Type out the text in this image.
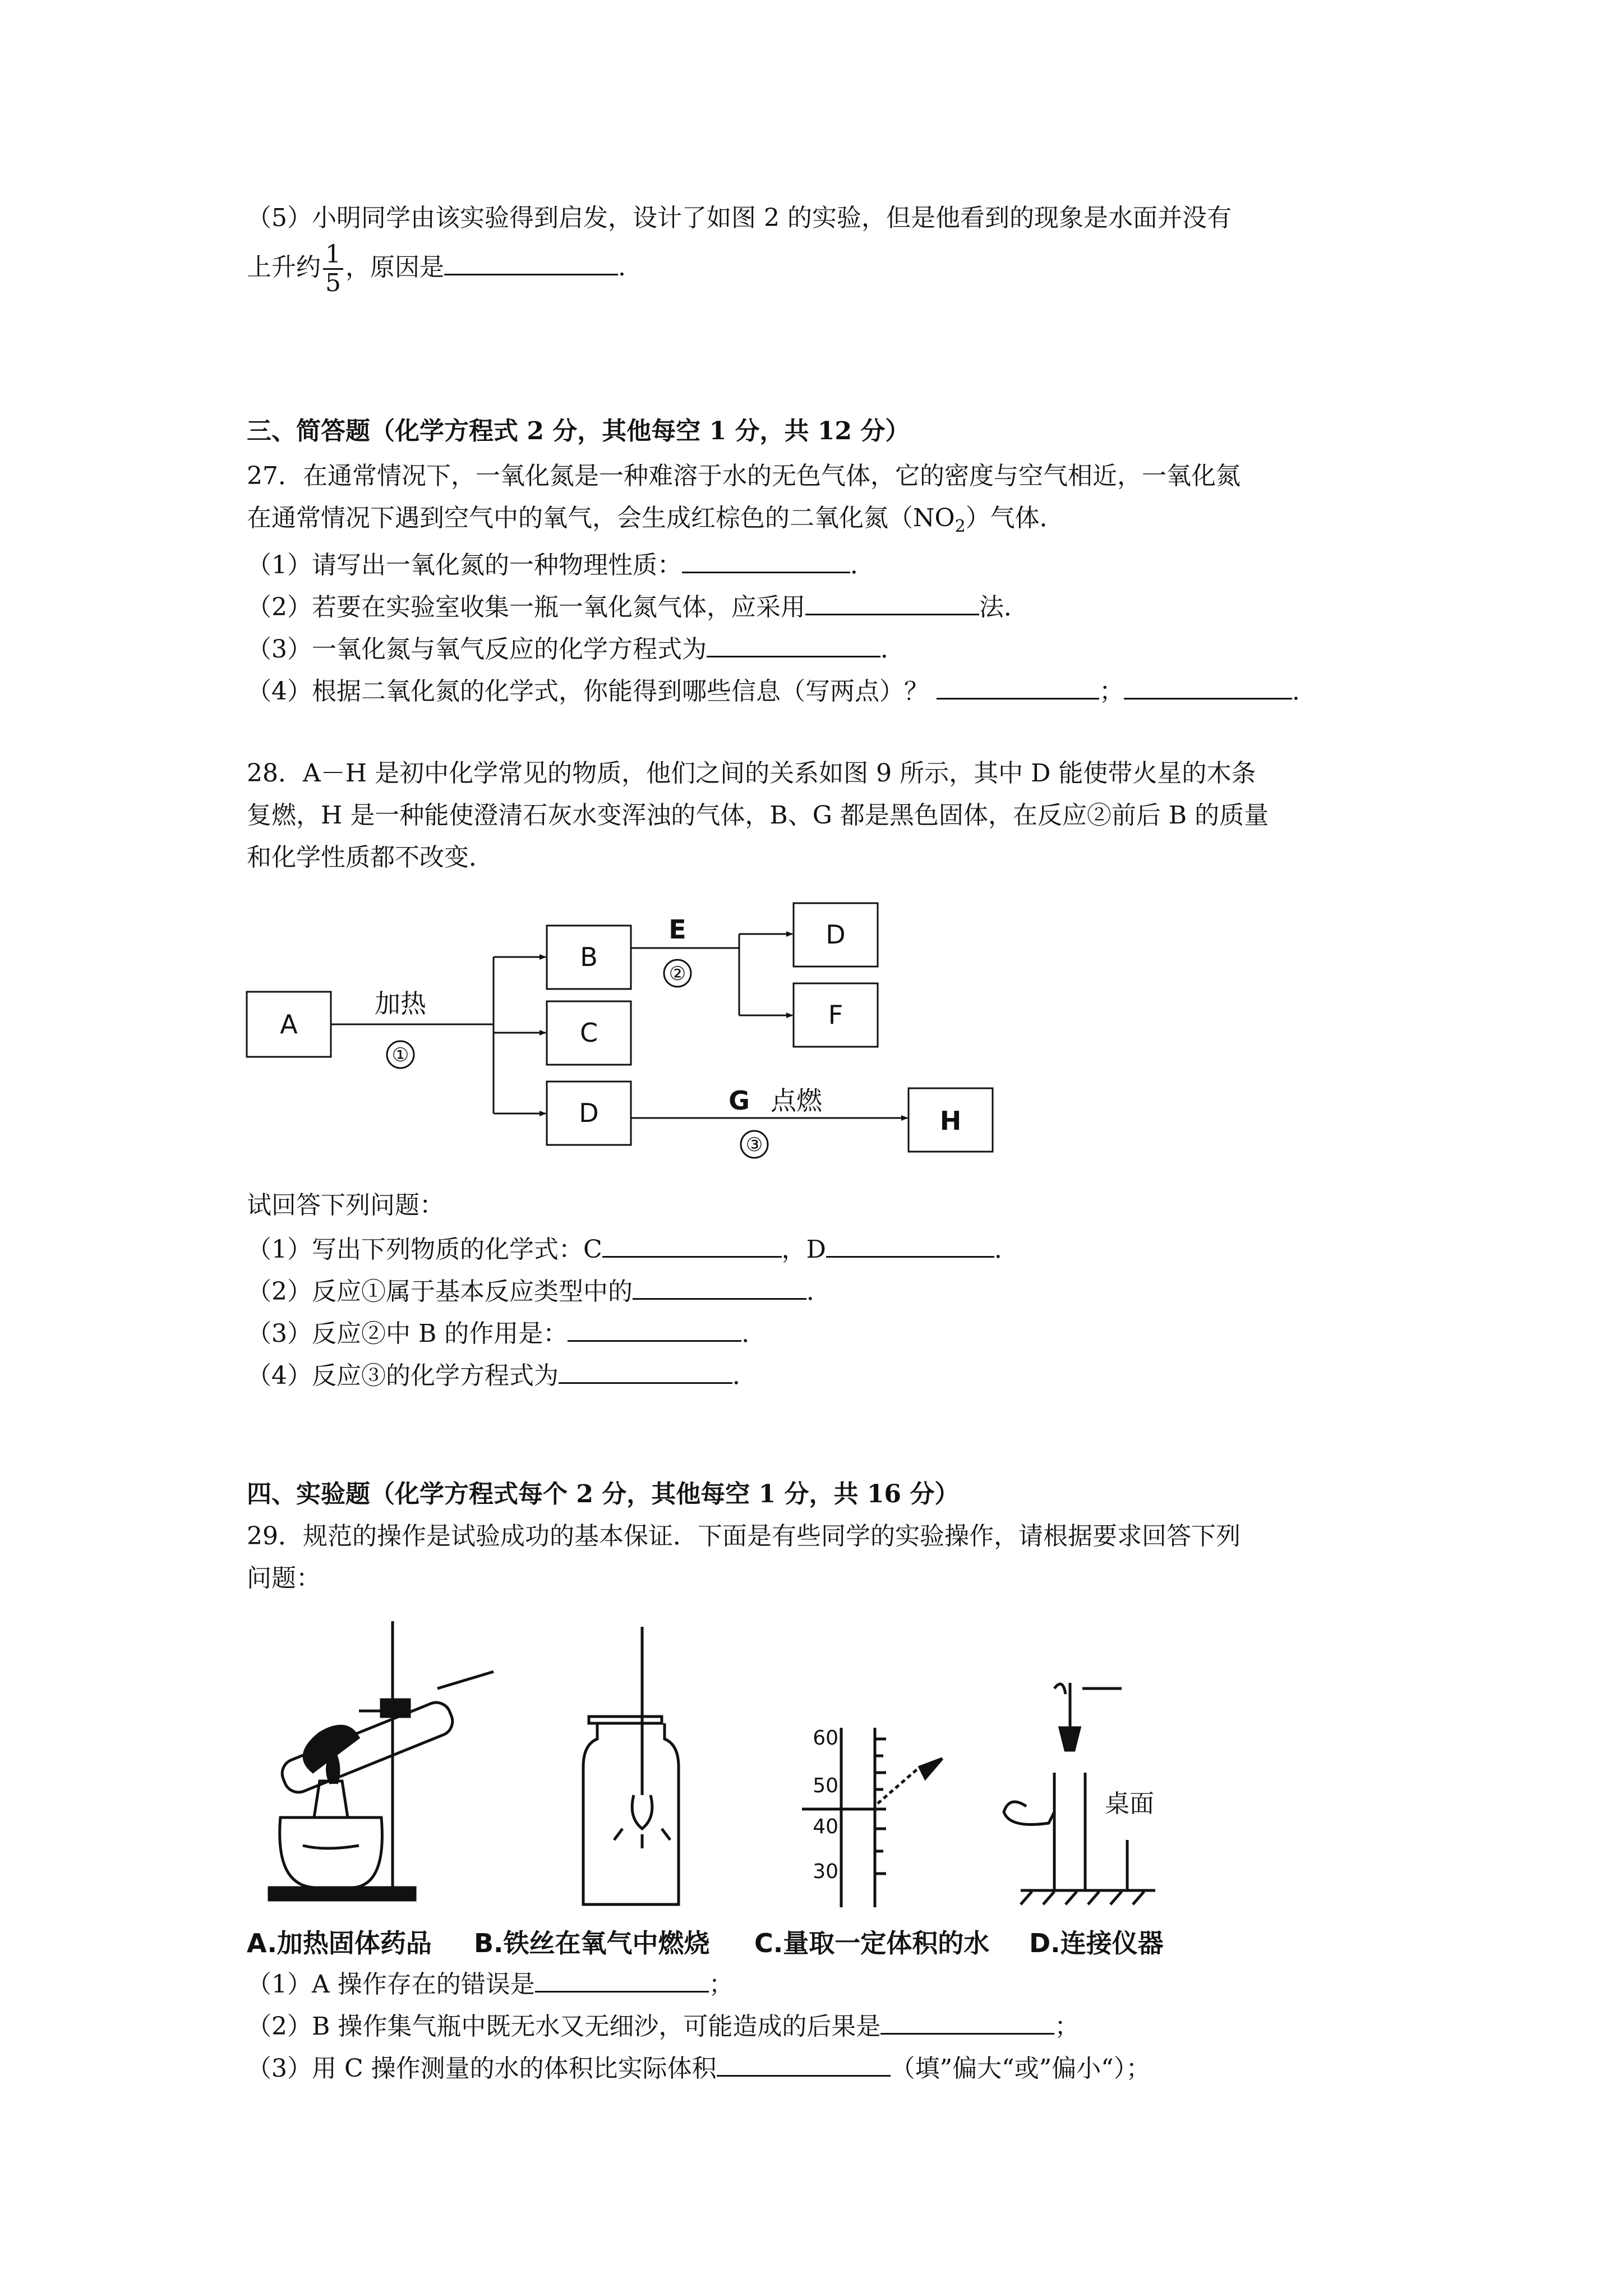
（5）小明同学由该实验得到启发，设计了如图 2 的实验，但是他看到的现象是水面并没有
上升约 $\frac{1}{5}$ ，原因是	.
三、简答题（化学方程式 2 分，其他每空 1 分，共 12 分）
27．在通常情况下，一氧化氮是一种难溶于水的无色气体，它的密度与空气相近，一氧化氮
在通常情况下遇到空气中的氧气，会生成红棕色的二氧化氮$(NO_2)$气体．
（1）请写出一氧化氮的一种物理性质：	．
（2）若要在实验室收集一瓶一氧化氮气体，应采用	法．
（3）一氧化氮与氧气反应的化学方程式为	．
（4）根据二氧化氮的化学式，你能得到哪些信息（写两点）？	；	．
28．A－H 是初中化学常见的物质，他们之间的关系如图 9 所示，其中 D 能使带火星的木条
复燃，H 是一种能使澄清石灰水变浑浊的气体，B、G 都是黑色固体，在反应②前后 B 的质量
和化学性质都不改变．
A
B
C
D
D
F
H
加热
E
G 点燃
①
②
③
试回答下列问题：
（1）写出下列物质的化学式：C	，D	．
（2）反应①属于基本反应类型中的	．
（3）反应②中 B 的作用是：	．
（4）反应③的化学方程式为	．
四、实验题（化学方程式每个 2 分，其他每空 1 分，共 16 分）
29．规范的操作是试验成功的基本保证．下面是有些同学的实验操作，请根据要求回答下列
问题：
60
50
40
30
桌面
A.加热固体药品 B.铁丝在氧气中燃烧 C.量取一定体积的水 D.连接仪器
（1）A 操作存在的错误是	；
（2）B 操作集气瓶中既无水又无细沙，可能造成的后果是	；
（3）用 C 操作测量的水的体积比实际体积	（填”偏大“或”偏小“）；
